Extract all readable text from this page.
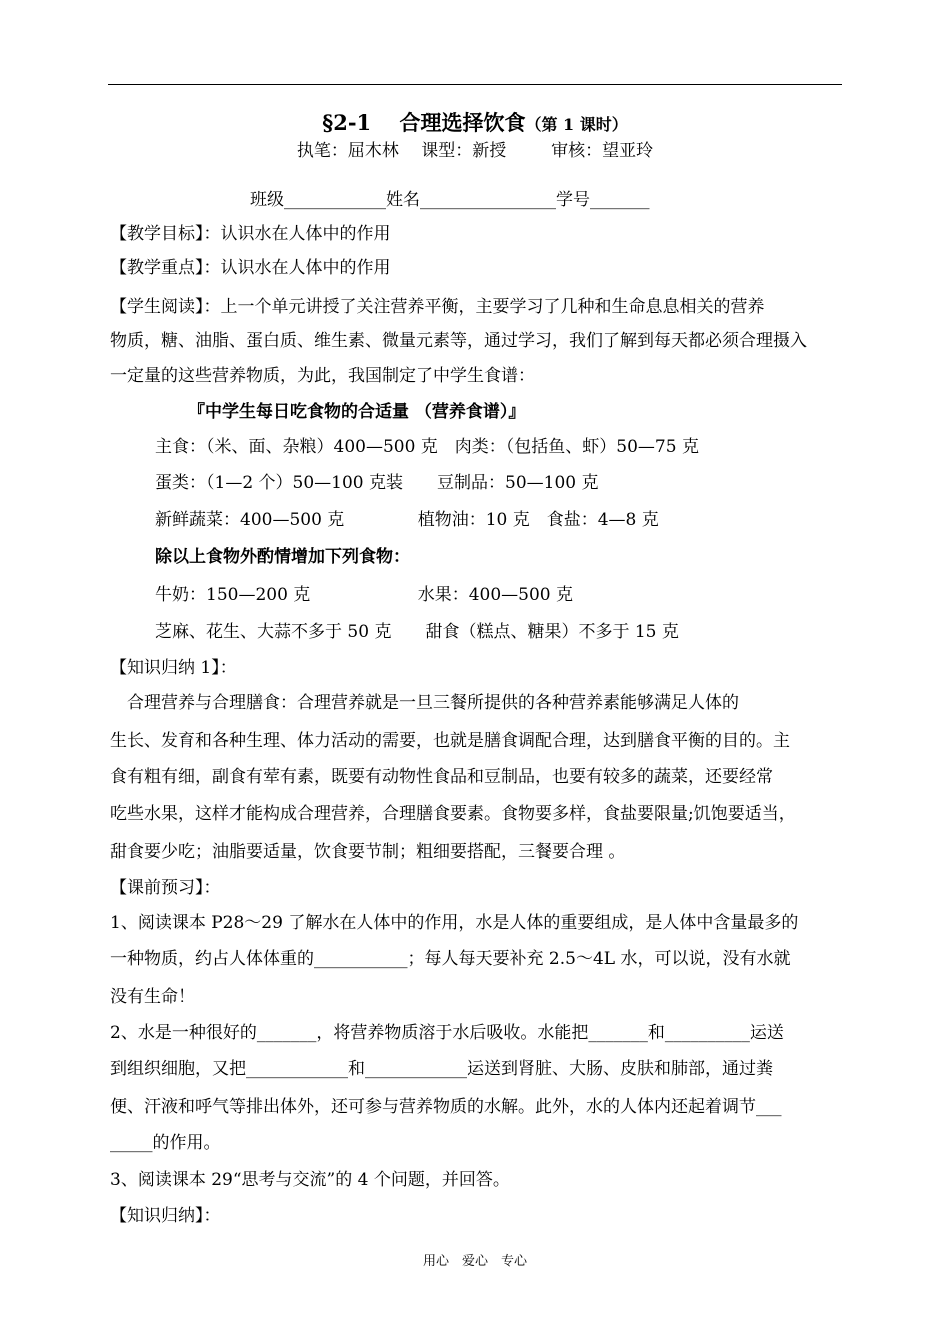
§2-1　 合理选择饮食（第 1 课时）
执笔：屈木林　 课型：新授 　　 审核：望亚玲
班级____________姓名________________学号_______
【教学目标】：认识水在人体中的作用
【教学重点】：认识水在人体中的作用
【学生阅读】：上一个单元讲授了关注营养平衡，主要学习了几种和生命息息相关的营养
物质，糖、油脂、蛋白质、维生素、微量元素等，通过学习，我们了解到每天都必须合理摄入
一定量的这些营养物质，为此，我国制定了中学生食谱：
『中学生每日吃食物的合适量 （营养食谱）』
主食：（米、面、杂粮）400—500 克　肉类：（包括鱼、虾）50—75 克
蛋类：（1—2 个）50—100 克装　　豆制品：50—100 克
新鲜蔬菜：400—500 克 　　　　植物油：10 克　食盐：4—8 克
除以上食物外酌情增加下列食物：
牛奶：150—200 克 　　　　　　水果：400—500 克
芝麻、花生、大蒜不多于 50 克　　甜食（糕点、糖果）不多于 15 克
【知识归纳 1】：
　合理营养与合理膳食：合理营养就是一旦三餐所提供的各种营养素能够满足人体的
生长、发育和各种生理、体力活动的需要，也就是膳食调配合理，达到膳食平衡的目的。主
食有粗有细，副食有荤有素，既要有动物性食品和豆制品，也要有较多的蔬菜，还要经常
吃些水果，这样才能构成合理营养，合理膳食要素。食物要多样，食盐要限量;饥饱要适当，
甜食要少吃；油脂要适量，饮食要节制；粗细要搭配，三餐要合理 。
【课前预习】：
1、阅读课本 P28～29 了解水在人体中的作用，水是人体的重要组成，是人体中含量最多的
一种物质，约占人体体重的___________；每人每天要补充 2.5～4L 水，可以说，没有水就
没有生命！
2、水是一种很好的_______，将营养物质溶于水后吸收。水能把_______和__________运送
到组织细胞，又把____________和____________运送到肾脏、大肠、皮肤和肺部，通过粪
便、汗液和呼气等排出体外，还可参与营养物质的水解。此外，水的人体内还起着调节___
_____的作用。
3、阅读课本 29“思考与交流”的 4 个问题，并回答。
【知识归纳】：
用心　爱心　专心
